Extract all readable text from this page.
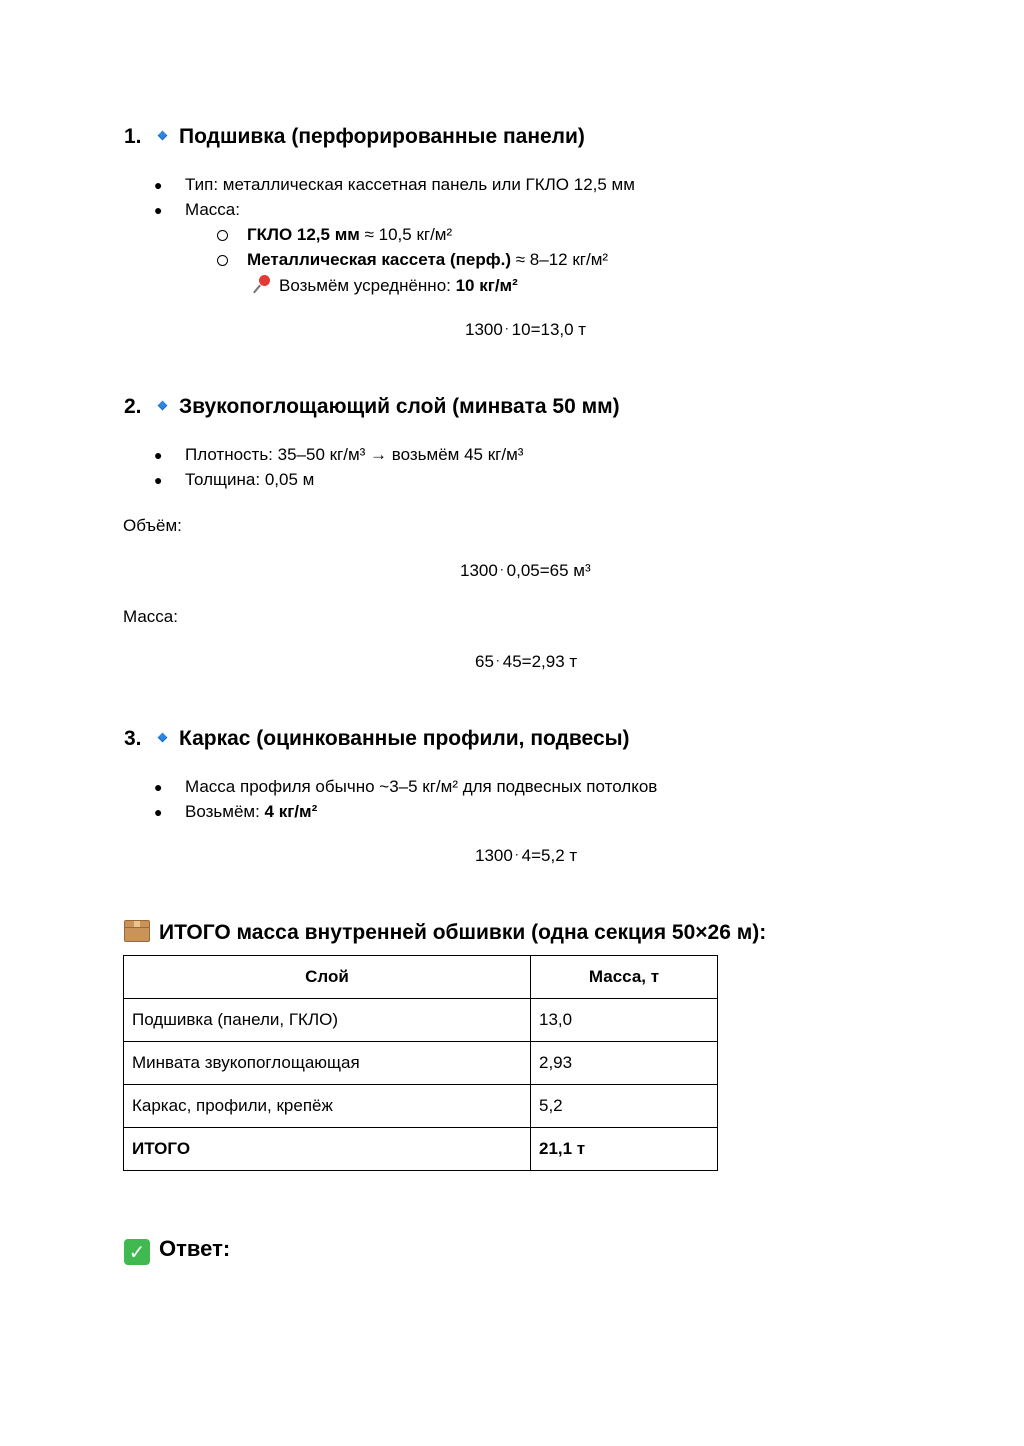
1. Подшивка (перфорированные панели)
● Тип: металлическая кассетная панель или ГКЛО 12,5 мм
● Масса:
ГКЛО 12,5 мм ≈ 10,5 кг/м²
Металлическая кассета (перф.) ≈ 8–12 кг/м²
Возьмём усреднённо: 10 кг/м²
1300 ⋅ 10=13,0 т
2. Звукопоглощающий слой (минвата 50 мм)
● Плотность: 35–50 кг/м³ → возьмём 45 кг/м³
● Толщина: 0,05 м
Объём:
1300 ⋅ 0,05=65 м³
Масса:
65 ⋅ 45=2,93 т
3. Каркас (оцинкованные профили, подвесы)
● Масса профиля обычно ~3–5 кг/м² для подвесных потолков
● Возьмём: 4 кг/м²
1300 ⋅ 4=5,2 т
ИТОГО масса внутренней обшивки (одна секция 50×26 м):
Слой	Масса, т
Подшивка (панели, ГКЛО)	13,0
Минвата звукопоглощающая	2,93
Каркас, профили, крепёж	5,2
ИТОГО	21,1 т
✓ Ответ:
